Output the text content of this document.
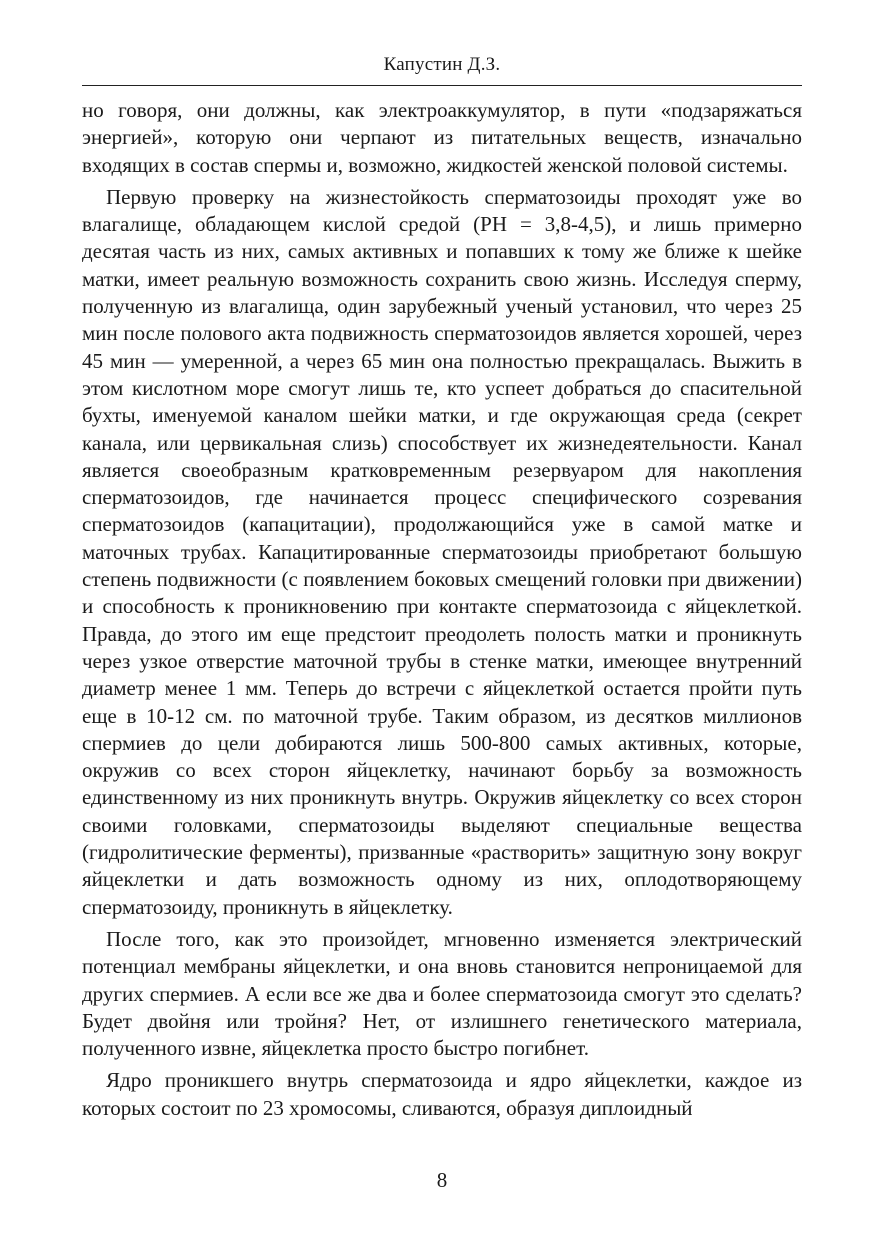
Капустин Д.З.

но говоря, они должны, как электроаккумулятор, в пути «подзаряжаться энергией», которую они черпают из питательных веществ, изначально входящих в состав спермы и, возможно, жидкостей женской половой системы.

Первую проверку на жизнестойкость сперматозоиды проходят уже во влагалище, обладающем кислой средой (PH = 3,8-4,5), и лишь примерно десятая часть из них, самых активных и попавших к тому же ближе к шейке матки, имеет реальную возможность сохранить свою жизнь. Исследуя сперму, полученную из влагалища, один зарубежный ученый установил, что через 25 мин после полового акта подвижность сперматозоидов является хорошей, через 45 мин — умеренной, а через 65 мин она полностью прекращалась. Выжить в этом кислотном море смогут лишь те, кто успеет добраться до спасительной бухты, именуемой каналом шейки матки, и где окружающая среда (секрет канала, или цервикальная слизь) способствует их жизнедеятельности. Канал является своеобразным кратковременным резервуаром для накопления сперматозоидов, где начинается процесс специфического созревания сперматозоидов (капацитации), продолжающийся уже в самой матке и маточных трубах. Капацитированные сперматозоиды приобретают большую степень подвижности (с появлением боковых смещений головки при движении) и способность к проникновению при контакте сперматозоида с яйцеклеткой. Правда, до этого им еще предстоит преодолеть полость матки и проникнуть через узкое отверстие маточной трубы в стенке матки, имеющее внутренний диаметр менее 1 мм. Теперь до встречи с яйцеклеткой остается пройти путь еще в 10-12 см. по маточной трубе. Таким образом, из десятков миллионов спермиев до цели добираются лишь 500-800 самых активных, которые, окружив со всех сторон яйцеклетку, начинают борьбу за возможность единственному из них проникнуть внутрь. Окружив яйцеклетку со всех сторон своими головками, сперматозоиды выделяют специальные вещества (гидролитические ферменты), призванные «растворить» защитную зону вокруг яйцеклетки и дать возможность одному из них, оплодотворяющему сперматозоиду, проникнуть в яйцеклетку.

После того, как это произойдет, мгновенно изменяется электрический потенциал мембраны яйцеклетки, и она вновь становится непроницаемой для других спермиев. А если все же два и более сперматозоида смогут это сделать? Будет двойня или тройня? Нет, от излишнего генетического материала, полученного извне, яйцеклетка просто быстро погибнет.

Ядро проникшего внутрь сперматозоида и ядро яйцеклетки, каждое из которых состоит по 23 хромосомы, сливаются, образуя диплоидный

8
